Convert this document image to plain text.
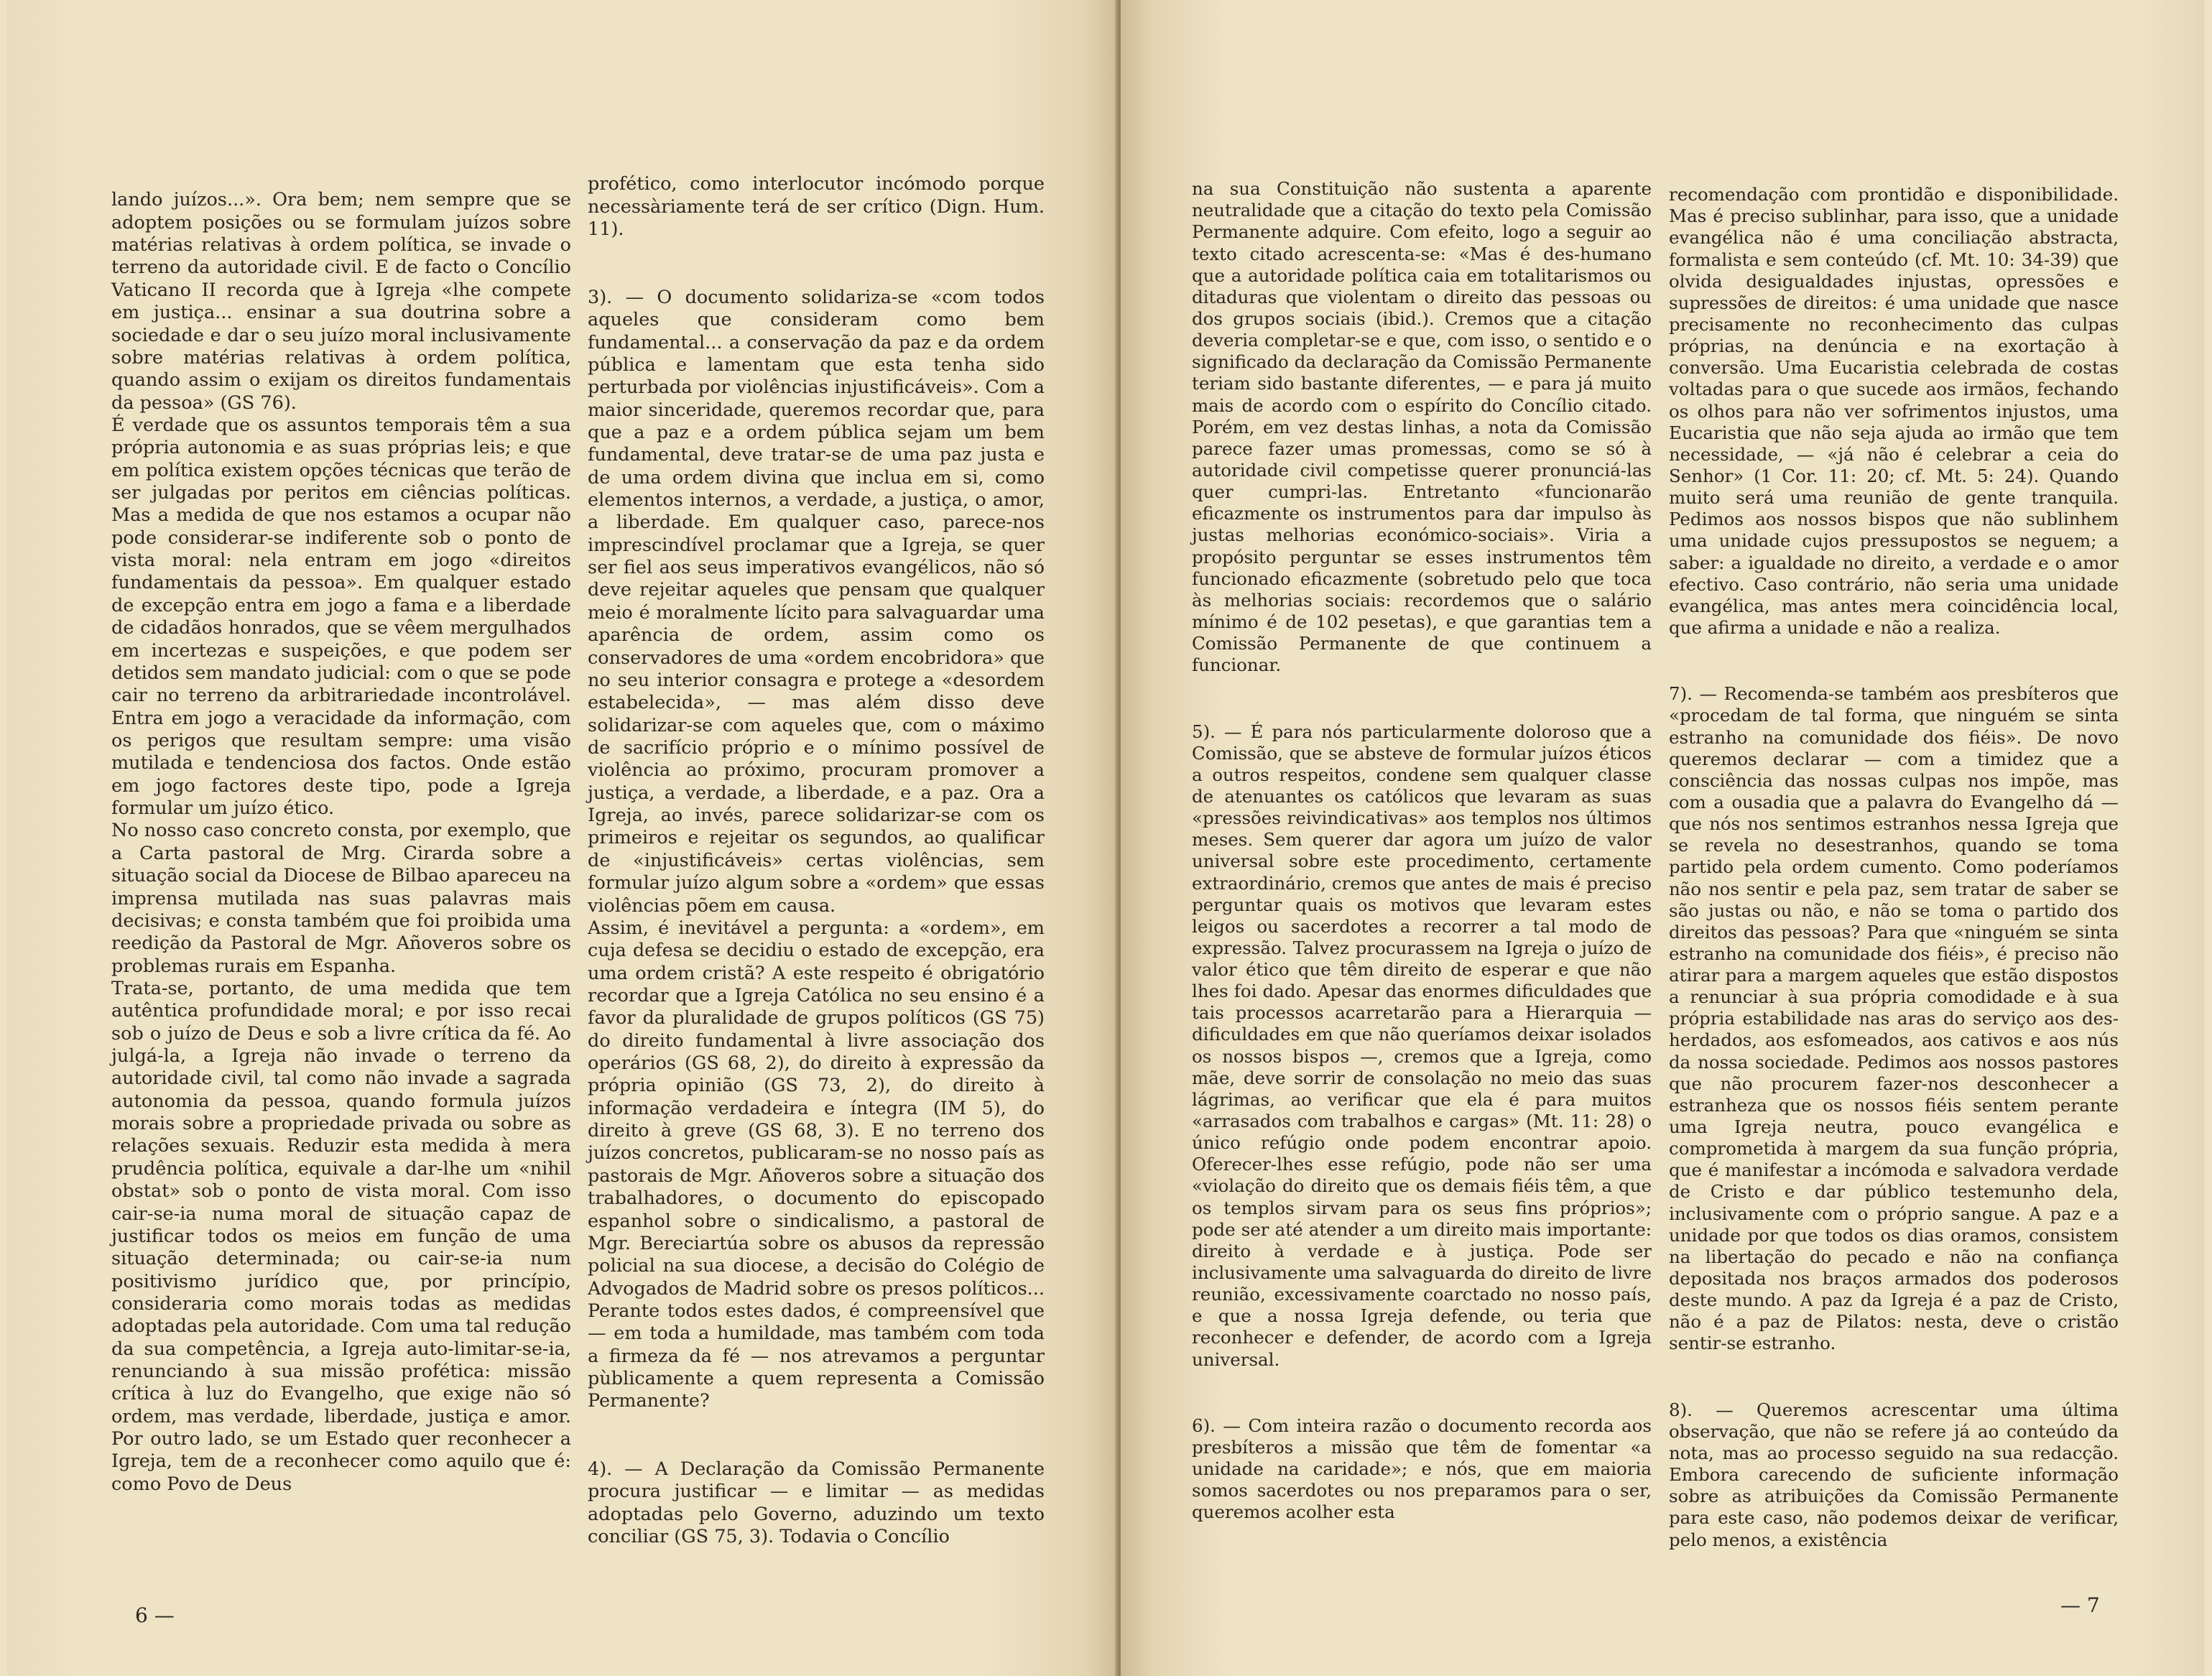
lando juízos...». Ora bem; nem sempre que se adoptem posições ou se formulam juízos sobre matérias relativas à ordem política, se invade o terreno da autoridade civil. E de facto o Concílio Vaticano II recorda que à Igreja «lhe compete em justiça... ensinar a sua doutrina sobre a sociedade e dar o seu juízo moral inclusivamente sobre matérias relativas à ordem política, quando assim o exijam os direitos fundamentais da pessoa» (GS 76).
É verdade que os assuntos temporais têm a sua própria autonomia e as suas próprias leis; e que em política existem opções técnicas que terão de ser julgadas por peritos em ciências políticas. Mas a medida de que nos estamos a ocupar não pode considerar-se indiferente sob o ponto de vista moral: nela entram em jogo «direitos fundamentais da pessoa». Em qualquer estado de excepção entra em jogo a fama e a liberdade de cidadãos honrados, que se vêem mergulhados em incertezas e suspeições, e que podem ser detidos sem mandato judicial: com o que se pode cair no terreno da arbitrariedade incontrolável. Entra em jogo a veracidade da informação, com os perigos que resultam sempre: uma visão mutilada e tendenciosa dos factos. Onde estão em jogo factores deste tipo, pode a Igreja formular um juízo ético.
No nosso caso concreto consta, por exemplo, que a Carta pastoral de Mrg. Cirarda sobre a situação social da Diocese de Bilbao apareceu na imprensa mutilada nas suas palavras mais decisivas; e consta também que foi proibida uma reedição da Pastoral de Mgr. Añoveros sobre os problemas rurais em Espanha.
Trata-se, portanto, de uma medida que tem autêntica profundidade moral; e por isso recai sob o juízo de Deus e sob a livre crítica da fé. Ao julgá-la, a Igreja não invade o terreno da autoridade civil, tal como não invade a sagrada autonomia da pessoa, quando formula juízos morais sobre a propriedade privada ou sobre as relações sexuais. Reduzir esta medida à mera prudência política, equivale a dar-lhe um «nihil obstat» sob o ponto de vista moral. Com isso cair-se-ia numa moral de situação capaz de justificar todos os meios em função de uma situação determinada; ou cair-se-ia num positivismo jurídico que, por princípio, consideraria como morais todas as medidas adoptadas pela autoridade. Com uma tal redução da sua competência, a Igreja auto-limitar-se-ia, renunciando à sua missão profética: missão crítica à luz do Evangelho, que exige não só ordem, mas verdade, liberdade, justiça e amor. Por outro lado, se um Estado quer reconhecer a Igreja, tem de a reconhecer como aquilo que é: como Povo de Deus

profético, como interlocutor incómodo porque necessàriamente terá de ser crítico (Dign. Hum. 11).

3). — O documento solidariza-se «com todos aqueles que consideram como bem fundamental... a conservação da paz e da ordem pública e lamentam que esta tenha sido perturbada por violências injustificáveis». Com a maior sinceridade, queremos recordar que, para que a paz e a ordem pública sejam um bem fundamental, deve tratar-se de uma paz justa e de uma ordem divina que inclua em si, como elementos internos, a verdade, a justiça, o amor, a liberdade. Em qualquer caso, parece-nos imprescindível proclamar que a Igreja, se quer ser fiel aos seus imperativos evangélicos, não só deve rejeitar aqueles que pensam que qualquer meio é moralmente lícito para salvaguardar uma aparência de ordem, assim como os conservadores de uma «ordem encobridora» que no seu interior consagra e protege a «desordem estabelecida», — mas além disso deve solidarizar-se com aqueles que, com o máximo de sacrifício próprio e o mínimo possível de violência ao próximo, procuram promover a justiça, a verdade, a liberdade, e a paz. Ora a Igreja, ao invés, parece solidarizar-se com os primeiros e rejeitar os segundos, ao qualificar de «injustificáveis» certas violências, sem formular juízo algum sobre a «ordem» que essas violências põem em causa.
Assim, é inevitável a pergunta: a «ordem», em cuja defesa se decidiu o estado de excepção, era uma ordem cristã? A este respeito é obrigatório recordar que a Igreja Católica no seu ensino é a favor da pluralidade de grupos políticos (GS 75) do direito fundamental à livre associação dos operários (GS 68, 2), do direito à expressão da própria opinião (GS 73, 2), do direito à informação verdadeira e íntegra (IM 5), do direito à greve (GS 68, 3). E no terreno dos juízos concretos, publicaram-se no nosso país as pastorais de Mgr. Añoveros sobre a situação dos trabalhadores, o documento do episcopado espanhol sobre o sindicalismo, a pastoral de Mgr. Bereciartúa sobre os abusos da repressão policial na sua diocese, a decisão do Colégio de Advogados de Madrid sobre os presos políticos... Perante todos estes dados, é compreensível que — em toda a humildade, mas também com toda a firmeza da fé — nos atrevamos a perguntar pùblicamente a quem representa a Comissão Permanente?

4). — A Declaração da Comissão Permanente procura justificar — e limitar — as medidas adoptadas pelo Governo, aduzindo um texto conciliar (GS 75, 3). Todavia o Concílio

6 —

na sua Constituição não sustenta a aparente neutralidade que a citação do texto pela Comissão Permanente adquire. Com efeito, logo a seguir ao texto citado acrescenta-se: «Mas é des-humano que a autoridade política caia em totalitarismos ou ditaduras que violentam o direito das pessoas ou dos grupos sociais (ibid.). Cremos que a citação deveria completar-se e que, com isso, o sentido e o significado da declaração da Comissão Permanente teriam sido bastante diferentes, — e para já muito mais de acordo com o espírito do Concílio citado. Porém, em vez destas linhas, a nota da Comissão parece fazer umas promessas, como se só à autoridade civil competisse querer pronunciá-las quer cumpri-las. Entretanto «funcionarão eficazmente os instrumentos para dar impulso às justas melhorias económico-sociais». Viria a propósito perguntar se esses instrumentos têm funcionado eficazmente (sobretudo pelo que toca às melhorias sociais: recordemos que o salário mínimo é de 102 pesetas), e que garantias tem a Comissão Permanente de que continuem a funcionar.

5). — É para nós particularmente doloroso que a Comissão, que se absteve de formular juízos éticos a outros respeitos, condene sem qualquer classe de atenuantes os católicos que levaram as suas «pressões reivindicativas» aos templos nos últimos meses. Sem querer dar agora um juízo de valor universal sobre este procedimento, certamente extraordinário, cremos que antes de mais é preciso perguntar quais os motivos que levaram estes leigos ou sacerdotes a recorrer a tal modo de expressão. Talvez procurassem na Igreja o juízo de valor ético que têm direito de esperar e que não lhes foi dado. Apesar das enormes dificuldades que tais processos acarretarão para a Hierarquia — dificuldades em que não queríamos deixar isolados os nossos bispos —, cremos que a Igreja, como mãe, deve sorrir de consolação no meio das suas lágrimas, ao verificar que ela é para muitos «arrasados com trabalhos e cargas» (Mt. 11: 28) o único refúgio onde podem encontrar apoio. Oferecer-lhes esse refúgio, pode não ser uma «violação do direito que os demais fiéis têm, a que os templos sirvam para os seus fins próprios»; pode ser até atender a um direito mais importante: direito à verdade e à justiça. Pode ser inclusivamente uma salvaguarda do direito de livre reunião, excessivamente coarctado no nosso país, e que a nossa Igreja defende, ou teria que reconhecer e defender, de acordo com a Igreja universal.

6). — Com inteira razão o documento recorda aos presbíteros a missão que têm de fomentar «a unidade na caridade»; e nós, que em maioria somos sacerdotes ou nos preparamos para o ser, queremos acolher esta

recomendação com prontidão e disponibilidade. Mas é preciso sublinhar, para isso, que a unidade evangélica não é uma conciliação abstracta, formalista e sem conteúdo (cf. Mt. 10: 34-39) que olvida desigualdades injustas, opressões e supressões de direitos: é uma unidade que nasce precisamente no reconhecimento das culpas próprias, na denúncia e na exortação à conversão. Uma Eucaristia celebrada de costas voltadas para o que sucede aos irmãos, fechando os olhos para não ver sofrimentos injustos, uma Eucaristia que não seja ajuda ao irmão que tem necessidade, — «já não é celebrar a ceia do Senhor» (1 Cor. 11: 20; cf. Mt. 5: 24). Quando muito será uma reunião de gente tranquila. Pedimos aos nossos bispos que não sublinhem uma unidade cujos pressupostos se neguem; a saber: a igualdade no direito, a verdade e o amor efectivo. Caso contrário, não seria uma unidade evangélica, mas antes mera coincidência local, que afirma a unidade e não a realiza.

7). — Recomenda-se também aos presbíteros que «procedam de tal forma, que ninguém se sinta estranho na comunidade dos fiéis». De novo queremos declarar — com a timidez que a consciência das nossas culpas nos impõe, mas com a ousadia que a palavra do Evangelho dá — que nós nos sentimos estranhos nessa Igreja que se revela no desestranhos, quando se toma partido pela ordem cumento. Como poderíamos não nos sentir e pela paz, sem tratar de saber se são justas ou não, e não se toma o partido dos direitos das pessoas? Para que «ninguém se sinta estranho na comunidade dos fiéis», é preciso não atirar para a margem aqueles que estão dispostos a renunciar à sua própria comodidade e à sua própria estabilidade nas aras do serviço aos des-herdados, aos esfomeados, aos cativos e aos nús da nossa sociedade. Pedimos aos nossos pastores que não procurem fazer-nos desconhecer a estranheza que os nossos fiéis sentem perante uma Igreja neutra, pouco evangélica e comprometida à margem da sua função própria, que é manifestar a incómoda e salvadora verdade de Cristo e dar público testemunho dela, inclusivamente com o próprio sangue. A paz e a unidade por que todos os dias oramos, consistem na libertação do pecado e não na confiança depositada nos braços armados dos poderosos deste mundo. A paz da Igreja é a paz de Cristo, não é a paz de Pilatos: nesta, deve o cristão sentir-se estranho.

8). — Queremos acrescentar uma última observação, que não se refere já ao conteúdo da nota, mas ao processo seguido na sua redacção. Embora carecendo de suficiente informação sobre as atribuições da Comissão Permanente para este caso, não podemos deixar de verificar, pelo menos, a existência

— 7
